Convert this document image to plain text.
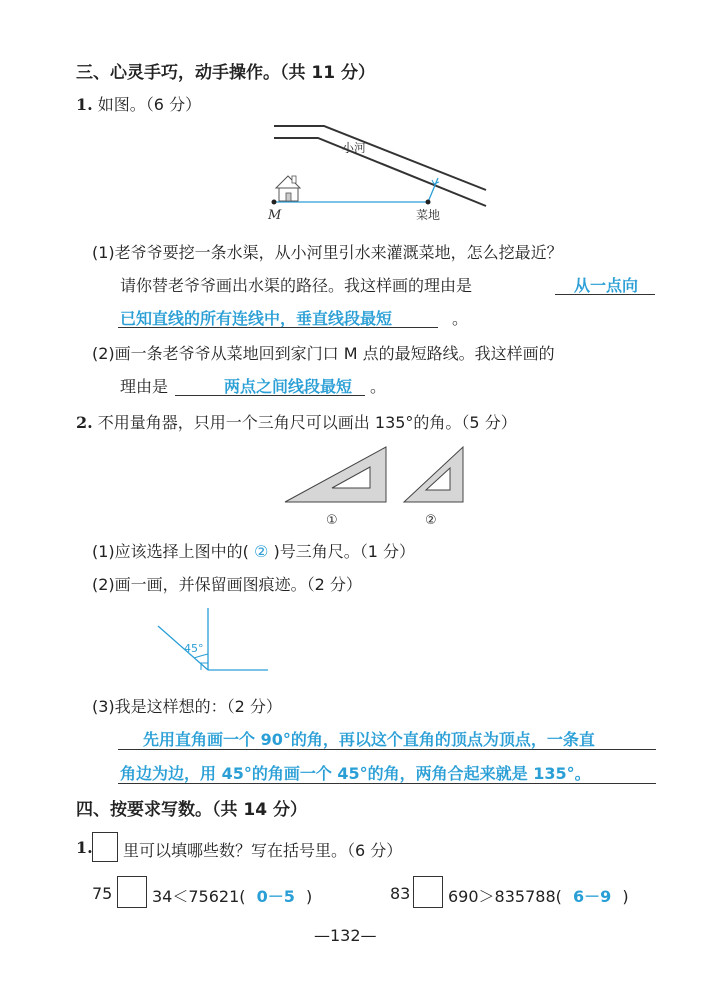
三、心灵手巧，动手操作。（共 11 分）
1. 如图。（6 分）
小河
M	菜地
(1)老爷爷要挖一条水渠，从小河里引水来灌溉菜地，怎么挖最近？
请你替老爷爷画出水渠的路径。我这样画的理由是	从一点向
已知直线的所有连线中，垂直线段最短	。
(2)画一条老爷爷从菜地回到家门口 M 点的最短路线。我这样画的
理由是	两点之间线段最短 。
2. 不用量角器，只用一个三角尺可以画出 135°的角。（5 分）
①	②
(1)应该选择上图中的( ② )号三角尺。（1 分）
(2)画一画，并保留画图痕迹。（2 分）
45°
(3)我是这样想的：（2 分）
先用直角画一个 90°的角，再以这个直角的顶点为顶点，一条直
角边为边，用 45°的角画一个 45°的角，两角合起来就是 135°。
四、按要求写数。（共 14 分）
1. 里可以填哪些数？写在括号里。（6 分）
75 34＜75621( 0－5 )	83 690＞835788( 6－9 )
—132—
